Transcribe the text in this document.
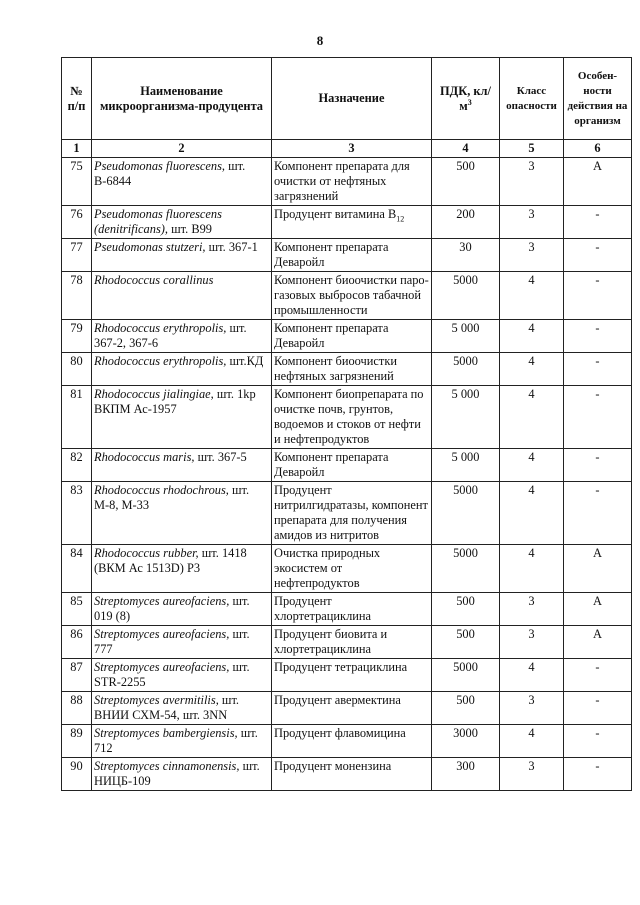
8
№ п/п	Наименование микроорганизма-продуцента	Назначение	ПДК, $кл/м^3$	Класс опасности	Особен-ности действия на организм
1	2	3	4	5	6
75	Pseudomonas fluorescens, шт. В-6844	Компонент препарата для очистки от нефтяных загрязнений	500	3	А
76	Pseudomonas fluorescens (denitrificans), шт. В99	Продуцент витамина $В_{12}$	200	3	-
77	Pseudomonas stutzeri, шт. 367-1	Компонент препарата Деваройл	30	3	-
78	Rhodococcus corallinus	Компонент биоочистки паро-газовых выбросов табачной промышленности	5000	4	-
79	Rhodococcus erythropolis, шт. 367-2, 367-6	Компонент препарата Деваройл	5 000	4	-
80	Rhodococcus erythropolis, шт.КД	Компонент биоочистки нефтяных загрязнений	5000	4	-
81	Rhodococcus jialingiae, шт. 1kp ВКПМ Ас-1957	Компонент биопрепарата по очистке почв, грунтов, водоемов и стоков от нефти и нефтепродуктов	5 000	4	-
82	Rhodococcus maris, шт. 367-5	Компонент препарата Деваройл	5 000	4	-
83	Rhodococcus rhodochrous, шт. М-8, М-33	Продуцент нитрилгидратазы, компонент препарата для получения амидов из нитритов	5000	4	-
84	Rhodococcus rubber, шт. 1418 (ВКМ Ас 1513D) Р3	Очистка природных экосистем от нефтепродуктов	5000	4	А
85	Streptomyces aureofaciens, шт. 019 (8)	Продуцент хлортетрациклина	500	3	А
86	Streptomyces aureofaciens, шт. 777	Продуцент биовита и хлортетрациклина	500	3	А
87	Streptomyces aureofaciens, шт. STR-2255	Продуцент тетрациклина	5000	4	-
88	Streptomyces avermitilis, шт. ВНИИ СХМ-54, шт. 3NN	Продуцент авермектина	500	3	-
89	Streptomyces bambergiensis, шт. 712	Продуцент флавомицина	3000	4	-
90	Streptomyces cinnamonensis, шт. НИЦБ-109	Продуцент монензина	300	3	-
